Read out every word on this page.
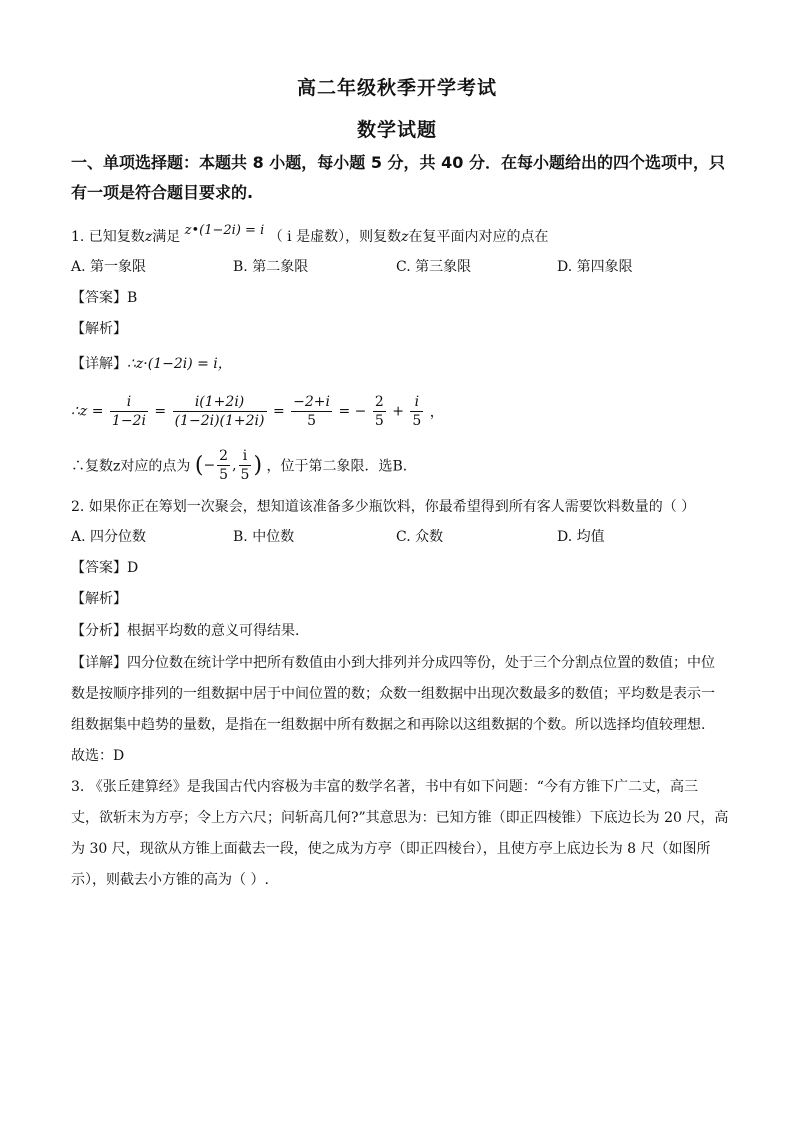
高二年级秋季开学考试
数学试题
一、单项选择题：本题共 8 小题，每小题 5 分，共 40 分．在每小题给出的四个选项中，只
有一项是符合题目要求的.
1. 已知复数z满足 z•(1−2i) = i （ i 是虚数），则复数z在复平面内对应的点在
A. 第一象限	B. 第二象限	C. 第三象限	D. 第四象限
【答案】B
【解析】
【详解】∴z·(1−2i) = i，
∴z = $\frac{i}{1-2i} = \frac{i(1+2i)}{(1-2i)(1+2i)} = \frac{-2+i}{5}$ = − $\frac{2}{5} + \frac{i}{5}$ ，
∴复数z对应的点为 (− $\frac{2}{5}$ , $\frac{i}{5}$ ) ，位于第二象限．选B．
2. 如果你正在筹划一次聚会，想知道该准备多少瓶饮料，你最希望得到所有客人需要饮料数量的（ ）
A. 四分位数	B. 中位数	C. 众数	D. 均值
【答案】D
【解析】
【分析】根据平均数的意义可得结果.
【详解】四分位数在统计学中把所有数值由小到大排列并分成四等份，处于三个分割点位置的数值；中位
数是按顺序排列的一组数据中居于中间位置的数；众数一组数据中出现次数最多的数值；平均数是表示一
组数据集中趋势的量数，是指在一组数据中所有数据之和再除以这组数据的个数。所以选择均值较理想.
故选：D
3. 《张丘建算经》是我国古代内容极为丰富的数学名著，书中有如下问题：“今有方锥下广二丈，高三
丈，欲斩末为方亭；令上方六尺；问斩高几何?”其意思为：已知方锥（即正四棱锥）下底边长为 20 尺，高
为 30 尺，现欲从方锥上面截去一段，使之成为方亭（即正四棱台），且使方亭上底边长为 8 尺（如图所
示），则截去小方锥的高为（ ）.
